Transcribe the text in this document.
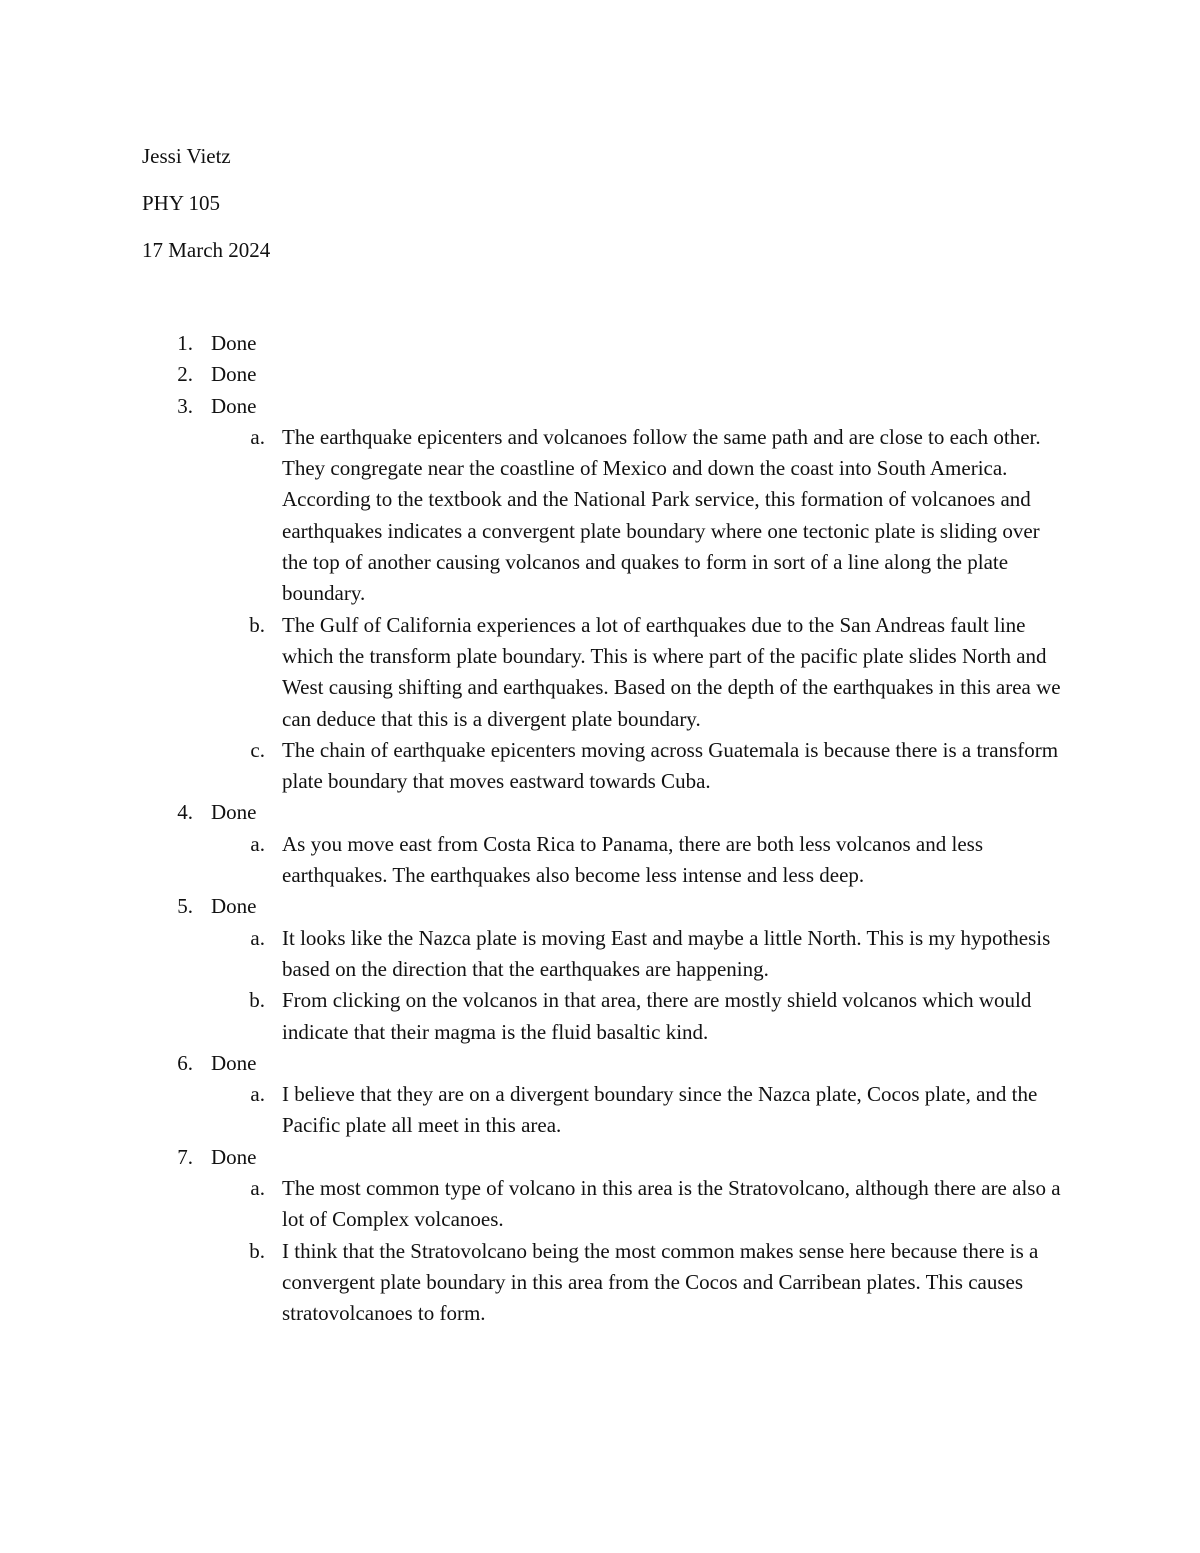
Jessi Vietz
PHY 105
17 March 2024
1. Done
2. Done
3. Done
a. The earthquake epicenters and volcanoes follow the same path and are close to each other. They congregate near the coastline of Mexico and down the coast into South America. According to the textbook and the National Park service, this formation of volcanoes and earthquakes indicates a convergent plate boundary where one tectonic plate is sliding over the top of another causing volcanos and quakes to form in sort of a line along the plate boundary.
b. The Gulf of California experiences a lot of earthquakes due to the San Andreas fault line which the transform plate boundary. This is where part of the pacific plate slides North and West causing shifting and earthquakes. Based on the depth of the earthquakes in this area we can deduce that this is a divergent plate boundary.
c. The chain of earthquake epicenters moving across Guatemala is because there is a transform plate boundary that moves eastward towards Cuba.
4. Done
a. As you move east from Costa Rica to Panama, there are both less volcanos and less earthquakes. The earthquakes also become less intense and less deep.
5. Done
a. It looks like the Nazca plate is moving East and maybe a little North. This is my hypothesis based on the direction that the earthquakes are happening.
b. From clicking on the volcanos in that area, there are mostly shield volcanos which would indicate that their magma is the fluid basaltic kind.
6. Done
a. I believe that they are on a divergent boundary since the Nazca plate, Cocos plate, and the Pacific plate all meet in this area.
7. Done
a. The most common type of volcano in this area is the Stratovolcano, although there are also a lot of Complex volcanoes.
b. I think that the Stratovolcano being the most common makes sense here because there is a convergent plate boundary in this area from the Cocos and Carribean plates. This causes stratovolcanoes to form.
